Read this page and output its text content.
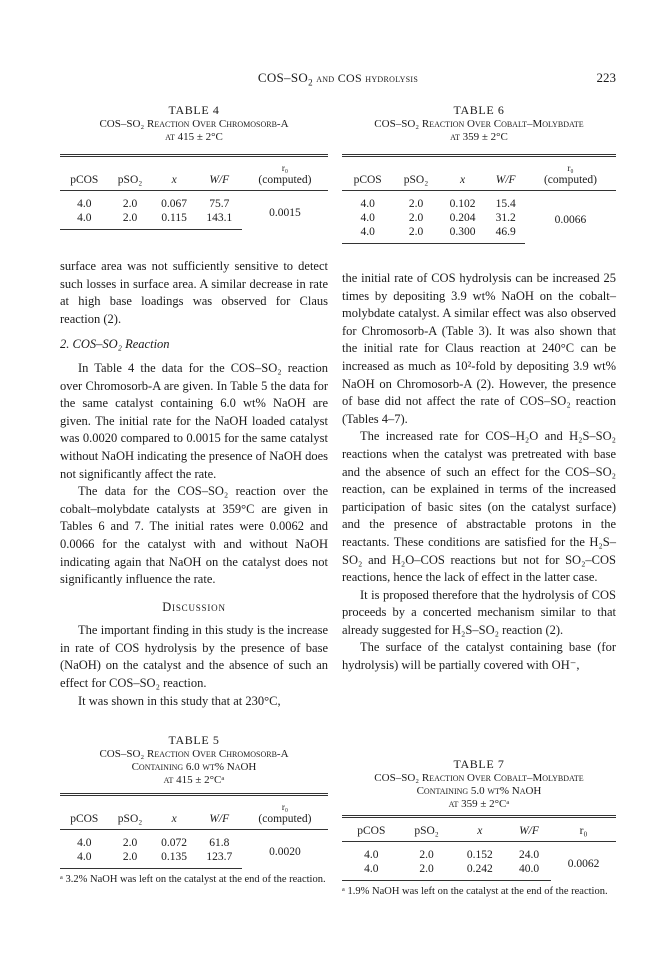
COS–$SO_2$ and COS hydrolysis	223
TABLE 4
COS–SO₂ Reaction Over Chromosorb-A
at 415 ± 2°C

				r₀
pCOS	pSO₂	x	W/F	(computed)
4.0	2.0	0.067	75.7	0.0015
4.0	2.0	0.115	143.1	
TABLE 6
COS–SO₂ Reaction Over Cobalt–Molybdate
at 359 ± 2°C

				r₀
pCOS	pSO₂	x	W/F	(computed)
4.0	2.0	0.102	15.4	0.0066
4.0	2.0	0.204	31.2	
4.0	2.0	0.300	46.9	

surface area was not sufficiently sensitive to detect such losses in surface area. A similar decrease in rate at high base loadings was observed for Claus reaction (2).

2. COS–SO₂ Reaction

In Table 4 the data for the COS–SO₂ reaction over Chromosorb-A are given. In Table 5 the data for the same catalyst containing 6.0 wt% NaOH are given. The initial rate for the NaOH loaded catalyst was 0.0020 compared to 0.0015 for the same catalyst without NaOH indicating the presence of NaOH does not significantly affect the rate.

The data for the COS–SO₂ reaction over the cobalt–molybdate catalysts at 359°C are given in Tables 6 and 7. The initial rates were 0.0062 and 0.0066 for the catalyst with and without NaOH indicating again that NaOH on the catalyst does not significantly influence the rate.

Discussion

The important finding in this study is the increase in rate of COS hydrolysis by the presence of base (NaOH) on the catalyst and the absence of such an effect for COS–SO₂ reaction.

It was shown in this study that at 230°C,

the initial rate of COS hydrolysis can be increased 25 times by depositing 3.9 wt% NaOH on the cobalt–molybdate catalyst. A similar effect was also observed for Chromosorb-A (Table 3). It was also shown that the initial rate for Claus reaction at 240°C can be increased as much as 10²-fold by depositing 3.9 wt% NaOH on Chromosorb-A (2). However, the presence of base did not affect the rate of COS–SO₂ reaction (Tables 4–7).

The increased rate for COS–H₂O and H₂S–SO₂ reactions when the catalyst was pretreated with base and the absence of such an effect for the COS–SO₂ reaction, can be explained in terms of the increased participation of basic sites (on the catalyst surface) and the presence of abstractable protons in the reactants. These conditions are satisfied for the H₂S–SO₂ and H₂O–COS reactions but not for SO₂–COS reactions, hence the lack of effect in the latter case.

It is proposed therefore that the hydrolysis of COS proceeds by a concerted mechanism similar to that already suggested for H₂S–SO₂ reaction (2).

The surface of the catalyst containing base (for hydrolysis) will be partially covered with OH⁻,

TABLE 5
COS–SO₂ Reaction Over Chromosorb-A
Containing 6.0 wt% NaOH
at 415 ± 2°Cᵃ

				r₀
pCOS	pSO₂	x	W/F	(computed)
4.0	2.0	0.072	61.8	0.0020
4.0	2.0	0.135	123.7	
ᵃ 3.2% NaOH was left on the catalyst at the end of the reaction.
TABLE 7
COS–SO₂ Reaction Over Cobalt–Molybdate
Containing 5.0 wt% NaOH
at 359 ± 2°Cᵃ

pCOS	pSO₂	x	W/F	r₀
4.0	2.0	0.152	24.0	0.0062
4.0	2.0	0.242	40.0	
ᵃ 1.9% NaOH was left on the catalyst at the end of the reaction.
